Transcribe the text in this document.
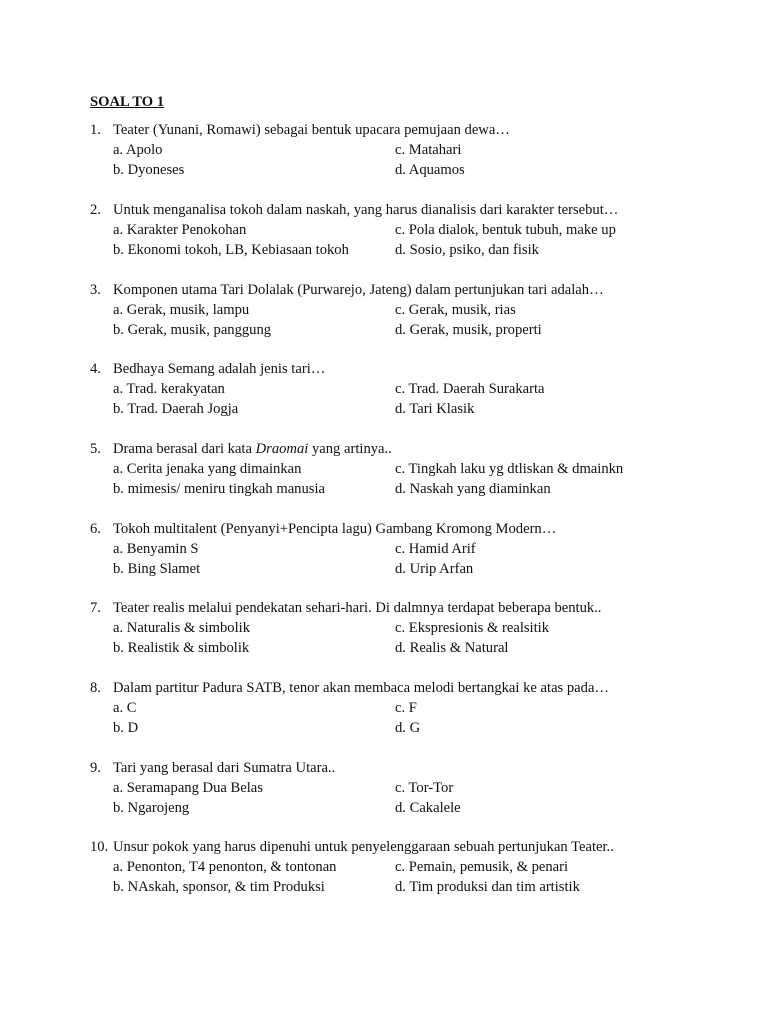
SOAL TO 1
1. Teater (Yunani, Romawi) sebagai bentuk upacara pemujaan dewa…
a. Apolo	c. Matahari
b. Dyoneses	d. Aquamos
2. Untuk menganalisa tokoh dalam naskah, yang harus dianalisis dari karakter tersebut…
a. Karakter Penokohan	c. Pola dialok, bentuk tubuh, make up
b. Ekonomi tokoh, LB, Kebiasaan tokoh	d. Sosio, psiko, dan fisik
3. Komponen utama Tari Dolalak (Purwarejo, Jateng) dalam pertunjukan tari adalah…
a. Gerak, musik, lampu	c. Gerak, musik, rias
b. Gerak, musik, panggung	d. Gerak, musik, properti
4. Bedhaya Semang adalah jenis tari…
a. Trad. kerakyatan	c. Trad. Daerah Surakarta
b. Trad. Daerah Jogja	d. Tari Klasik
5. Drama berasal dari kata Draomai yang artinya..
a. Cerita jenaka yang dimainkan	c. Tingkah laku yg dtliskan & dmainkn
b. mimesis/ meniru tingkah manusia	d. Naskah yang diaminkan
6. Tokoh multitalent (Penyanyi+Pencipta lagu) Gambang Kromong Modern…
a. Benyamin S	c. Hamid Arif
b. Bing Slamet	d. Urip Arfan
7. Teater realis melalui pendekatan sehari-hari. Di dalmnya terdapat beberapa bentuk..
a. Naturalis & simbolik	c. Ekspresionis & realsitik
b. Realistik & simbolik	d. Realis & Natural
8. Dalam partitur Padura SATB, tenor akan membaca melodi bertangkai ke atas pada…
a. C	c. F
b. D	d. G
9. Tari yang berasal dari Sumatra Utara..
a. Seramapang Dua Belas	c. Tor-Tor
b. Ngarojeng	d. Cakalele
10. Unsur pokok yang harus dipenuhi untuk penyelenggaraan sebuah pertunjukan Teater..
a. Penonton, T4 penonton, & tontonan	c. Pemain, pemusik, & penari
b. NAskah, sponsor, & tim Produksi	d. Tim produksi dan tim artistik
